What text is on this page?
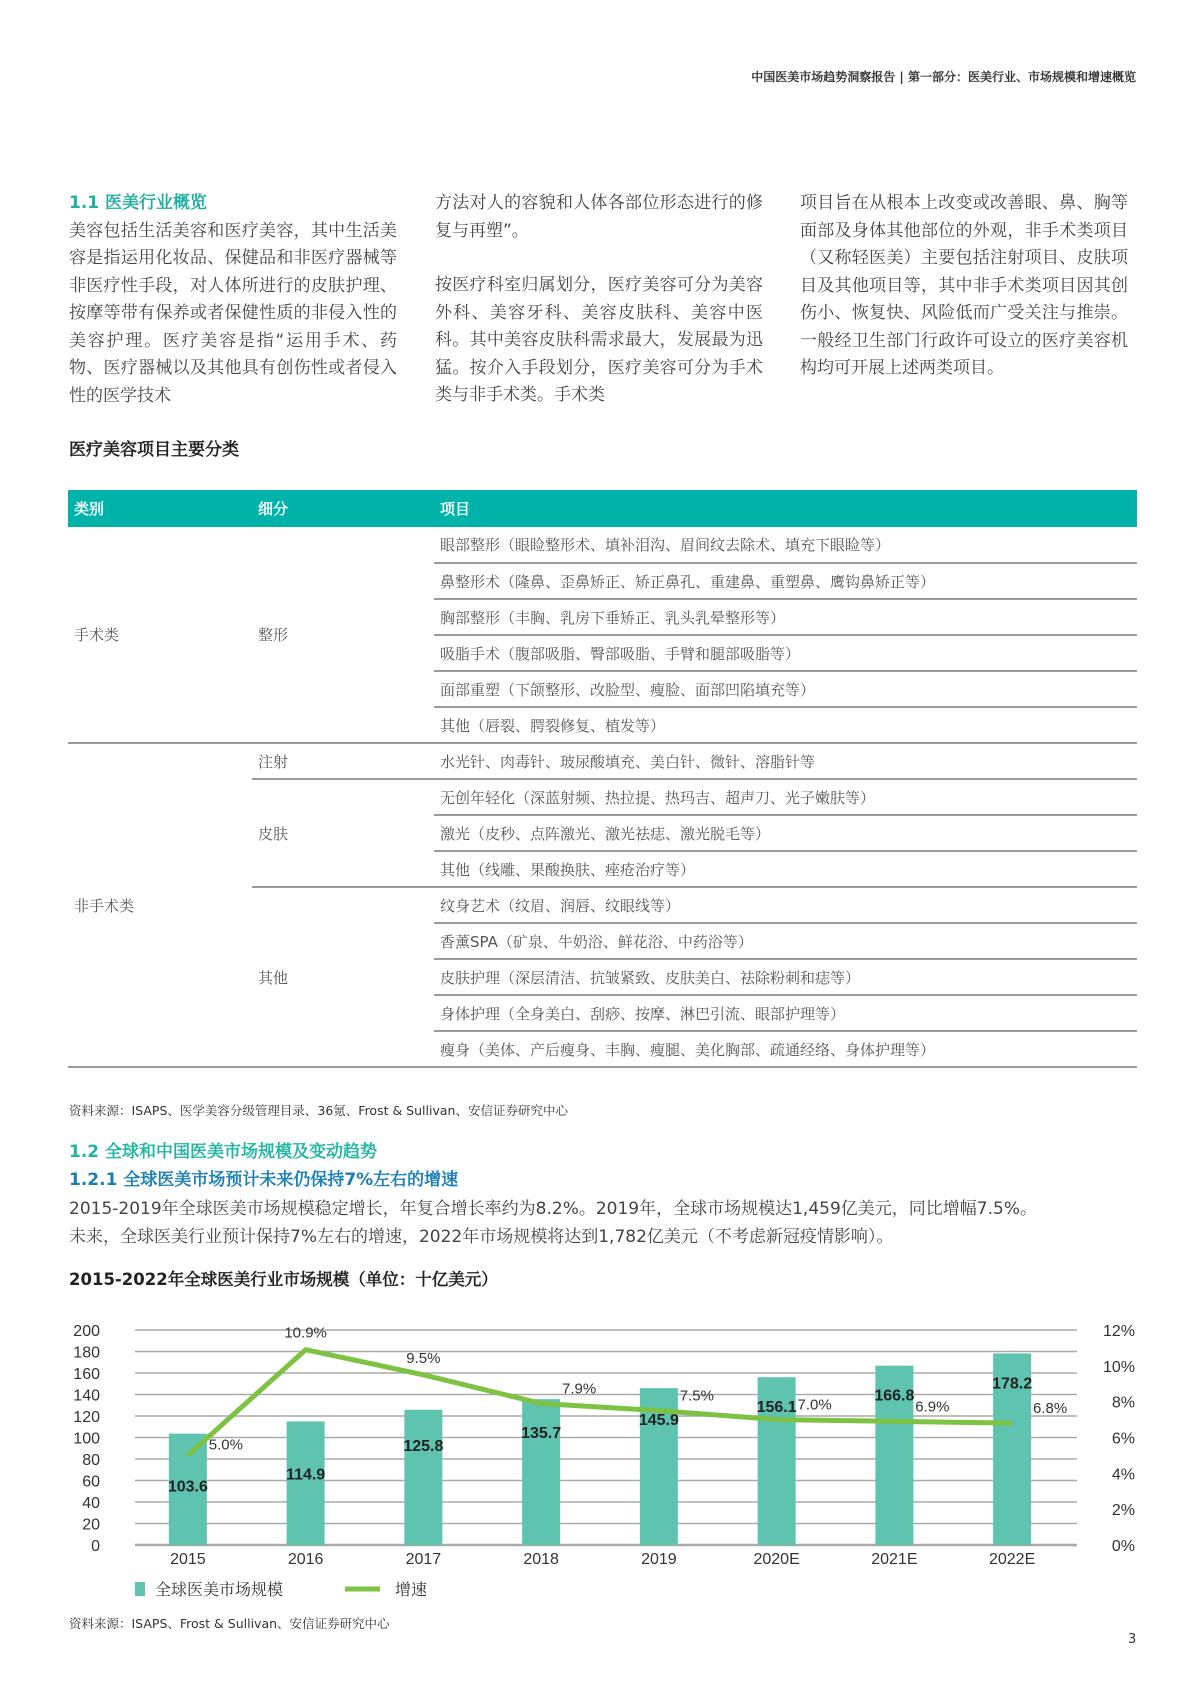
中国医美市场趋势洞察报告 | 第一部分：医美行业、市场规模和增速概览
1.1 医美行业概览
美容包括生活美容和医疗美容，其中生活美容是指运用化妆品、保健品和非医疗器械等非医疗性手段，对人体所进行的皮肤护理、按摩等带有保养或者保健性质的非侵入性的美容护理。医疗美容是指“运用手术、药物、医疗器械以及其他具有创伤性或者侵入性的医学技术
方法对人的容貌和人体各部位形态进行的修复与再塑”。
按医疗科室归属划分，医疗美容可分为美容外科、美容牙科、美容皮肤科、美容中医科。其中美容皮肤科需求最大，发展最为迅猛。按介入手段划分，医疗美容可分为手术类与非手术类。手术类
项目旨在从根本上改变或改善眼、鼻、胸等面部及身体其他部位的外观，非手术类项目（又称轻医美）主要包括注射项目、皮肤项目及其他项目等，其中非手术类项目因其创伤小、恢复快、风险低而广受关注与推崇。一般经卫生部门行政许可设立的医疗美容机构均可开展上述两类项目。
医疗美容项目主要分类
类别	细分	项目
手术类	整形	眼部整形（眼睑整形术、填补泪沟、眉间纹去除术、填充下眼睑等）
		鼻整形术（隆鼻、歪鼻矫正、矫正鼻孔、重建鼻、重塑鼻、鹰钩鼻矫正等）
		胸部整形（丰胸、乳房下垂矫正、乳头乳晕整形等）
		吸脂手术（腹部吸脂、臀部吸脂、手臂和腿部吸脂等）
		面部重塑（下颌整形、改脸型、瘦脸、面部凹陷填充等）
		其他（唇裂、腭裂修复、植发等）
非手术类	注射	水光针、肉毒针、玻尿酸填充、美白针、微针、溶脂针等
	皮肤	无创年轻化（深蓝射频、热拉提、热玛吉、超声刀、光子嫩肤等）
		激光（皮秒、点阵激光、激光祛痣、激光脱毛等）
		其他（线雕、果酸换肤、痤疮治疗等）
	其他	纹身艺术（纹眉、润唇、纹眼线等）
		香薰SPA（矿泉、牛奶浴、鲜花浴、中药浴等）
		皮肤护理（深层清洁、抗皱紧致、皮肤美白、祛除粉刺和痣等）
		身体护理（全身美白、刮痧、按摩、淋巴引流、眼部护理等）
		瘦身（美体、产后瘦身、丰胸、瘦腿、美化胸部、疏通经络、身体护理等）
资料来源：ISAPS、医学美容分级管理目录、36氪、Frost & Sullivan、安信证券研究中心
1.2 全球和中国医美市场规模及变动趋势
1.2.1 全球医美市场预计未来仍保持7%左右的增速
2015-2019年全球医美市场规模稳定增长，年复合增长率约为8.2%。2019年，全球市场规模达1,459亿美元，同比增幅7.5%。
未来，全球医美行业预计保持7%左右的增速，2022年市场规模将达到1,782亿美元（不考虑新冠疫情影响）。
2015-2022年全球医美行业市场规模（单位：十亿美元）
0
20
40
60
80
100
120
140
160
180
200
0%
2%
4%
6%
8%
10%
12%
103.6
2015
114.9
2016
125.8
2017
135.7
2018
145.9
2019
156.1
2020E
166.8
2021E
178.2
2022E
5.0%
10.9%
9.5%
7.9%	7.5%
7.0%	6.9%	6.8%
全球医美市场规模	增速
资料来源：ISAPS、Frost & Sullivan、安信证券研究中心
3
